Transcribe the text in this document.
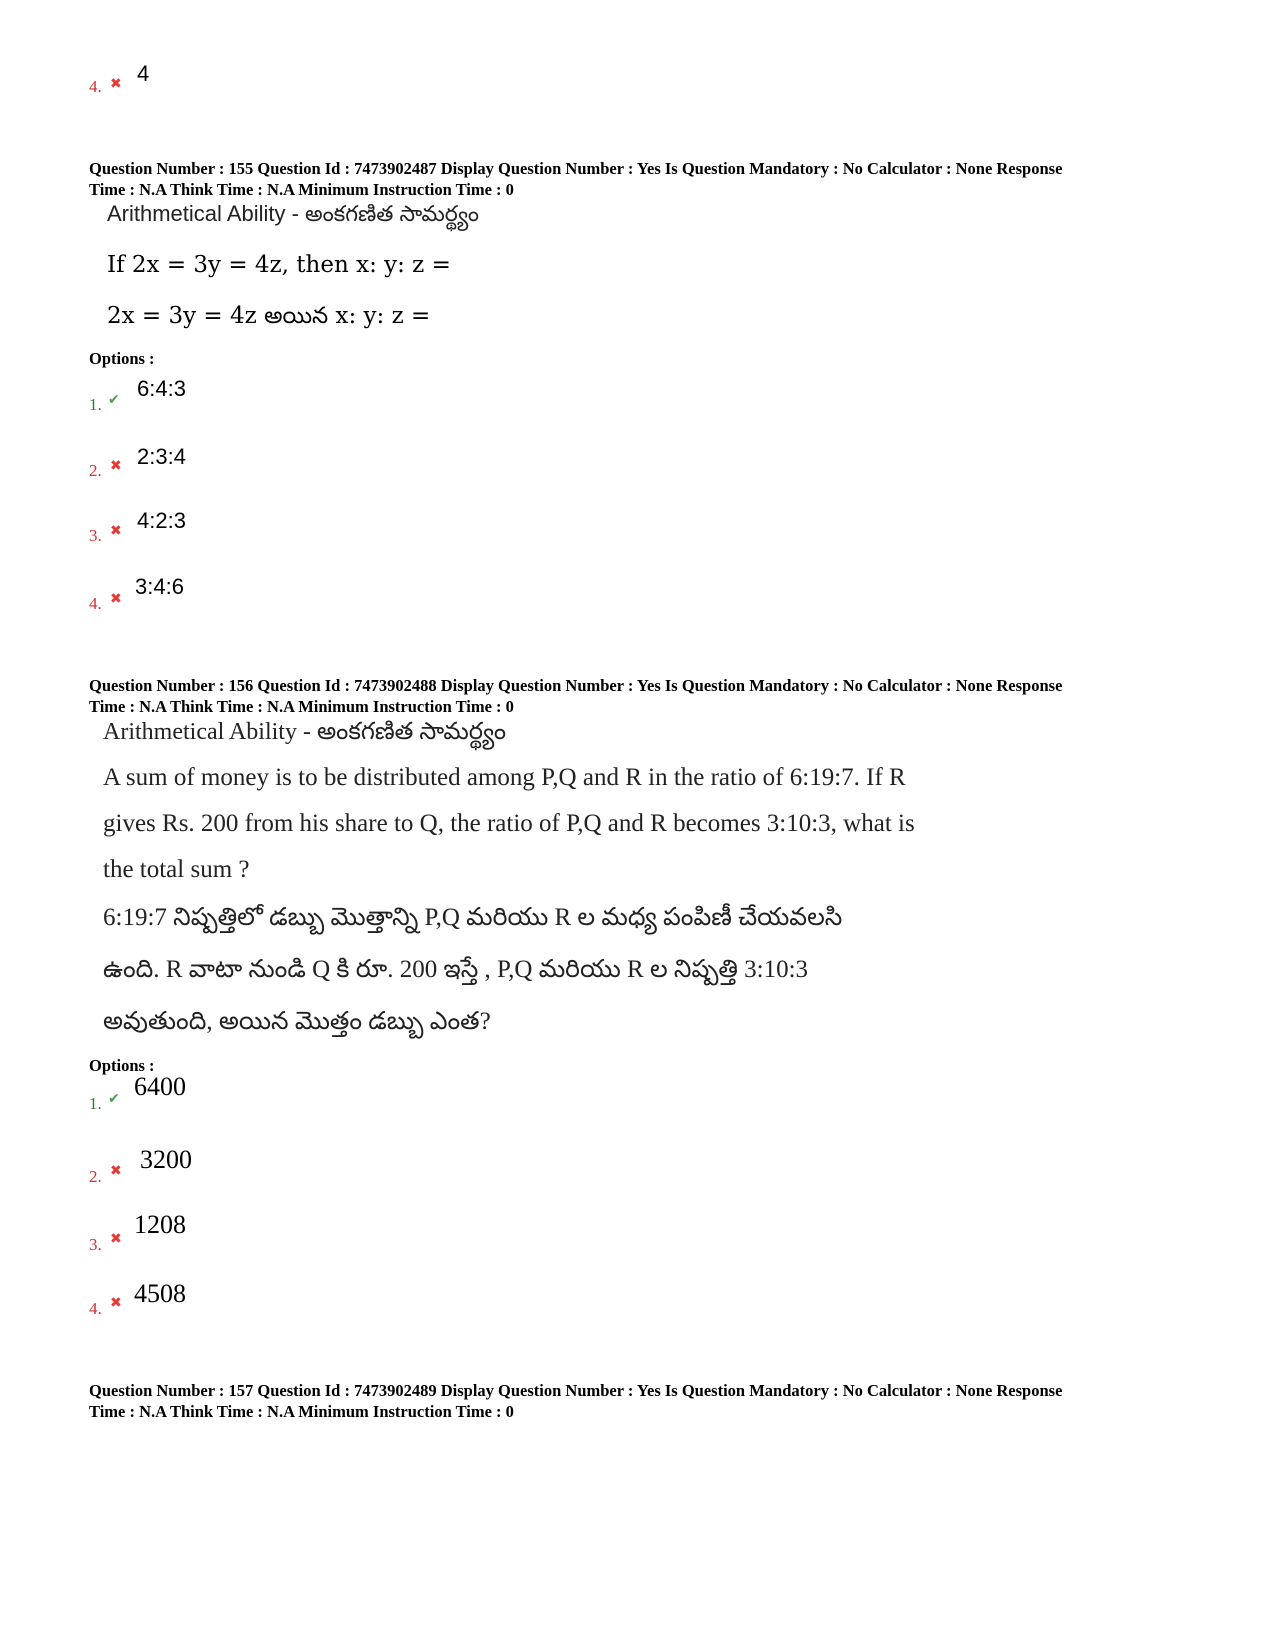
4. ✖ 4
Question Number : 155 Question Id : 7473902487 Display Question Number : Yes Is Question Mandatory : No Calculator : None Response
Time : N.A Think Time : N.A Minimum Instruction Time : 0
Arithmetical Ability - అంకగణిత సామర్థ్యం
If 2x = 3y = 4z, then x: y: z =
2x = 3y = 4z అయిన x: y: z =
Options :
1. ✔ 6:4:3
2. ✖ 2:3:4
3. ✖ 4:2:3
4. ✖ 3:4:6
Question Number : 156 Question Id : 7473902488 Display Question Number : Yes Is Question Mandatory : No Calculator : None Response
Time : N.A Think Time : N.A Minimum Instruction Time : 0
Arithmetical Ability - అంకగణిత సామర్థ్యం
A sum of money is to be distributed among P,Q and R in the ratio of 6:19:7. If R
gives Rs. 200 from his share to Q, the ratio of P,Q and R becomes 3:10:3, what is
the total sum ?
6:19:7 నిష్పత్తిలో డబ్బు మొత్తాన్ని P,Q మరియు R ల మధ్య పంపిణీ చేయవలసి
ఉంది. R వాటా నుండి Q కి రూ. 200 ఇస్తే , P,Q మరియు R ల నిష్పత్తి 3:10:3
అవుతుంది, అయిన మొత్తం డబ్బు ఎంత?
Options :
1. ✔ 6400
2. ✖ 3200
3. ✖ 1208
4. ✖ 4508
Question Number : 157 Question Id : 7473902489 Display Question Number : Yes Is Question Mandatory : No Calculator : None Response
Time : N.A Think Time : N.A Minimum Instruction Time : 0
